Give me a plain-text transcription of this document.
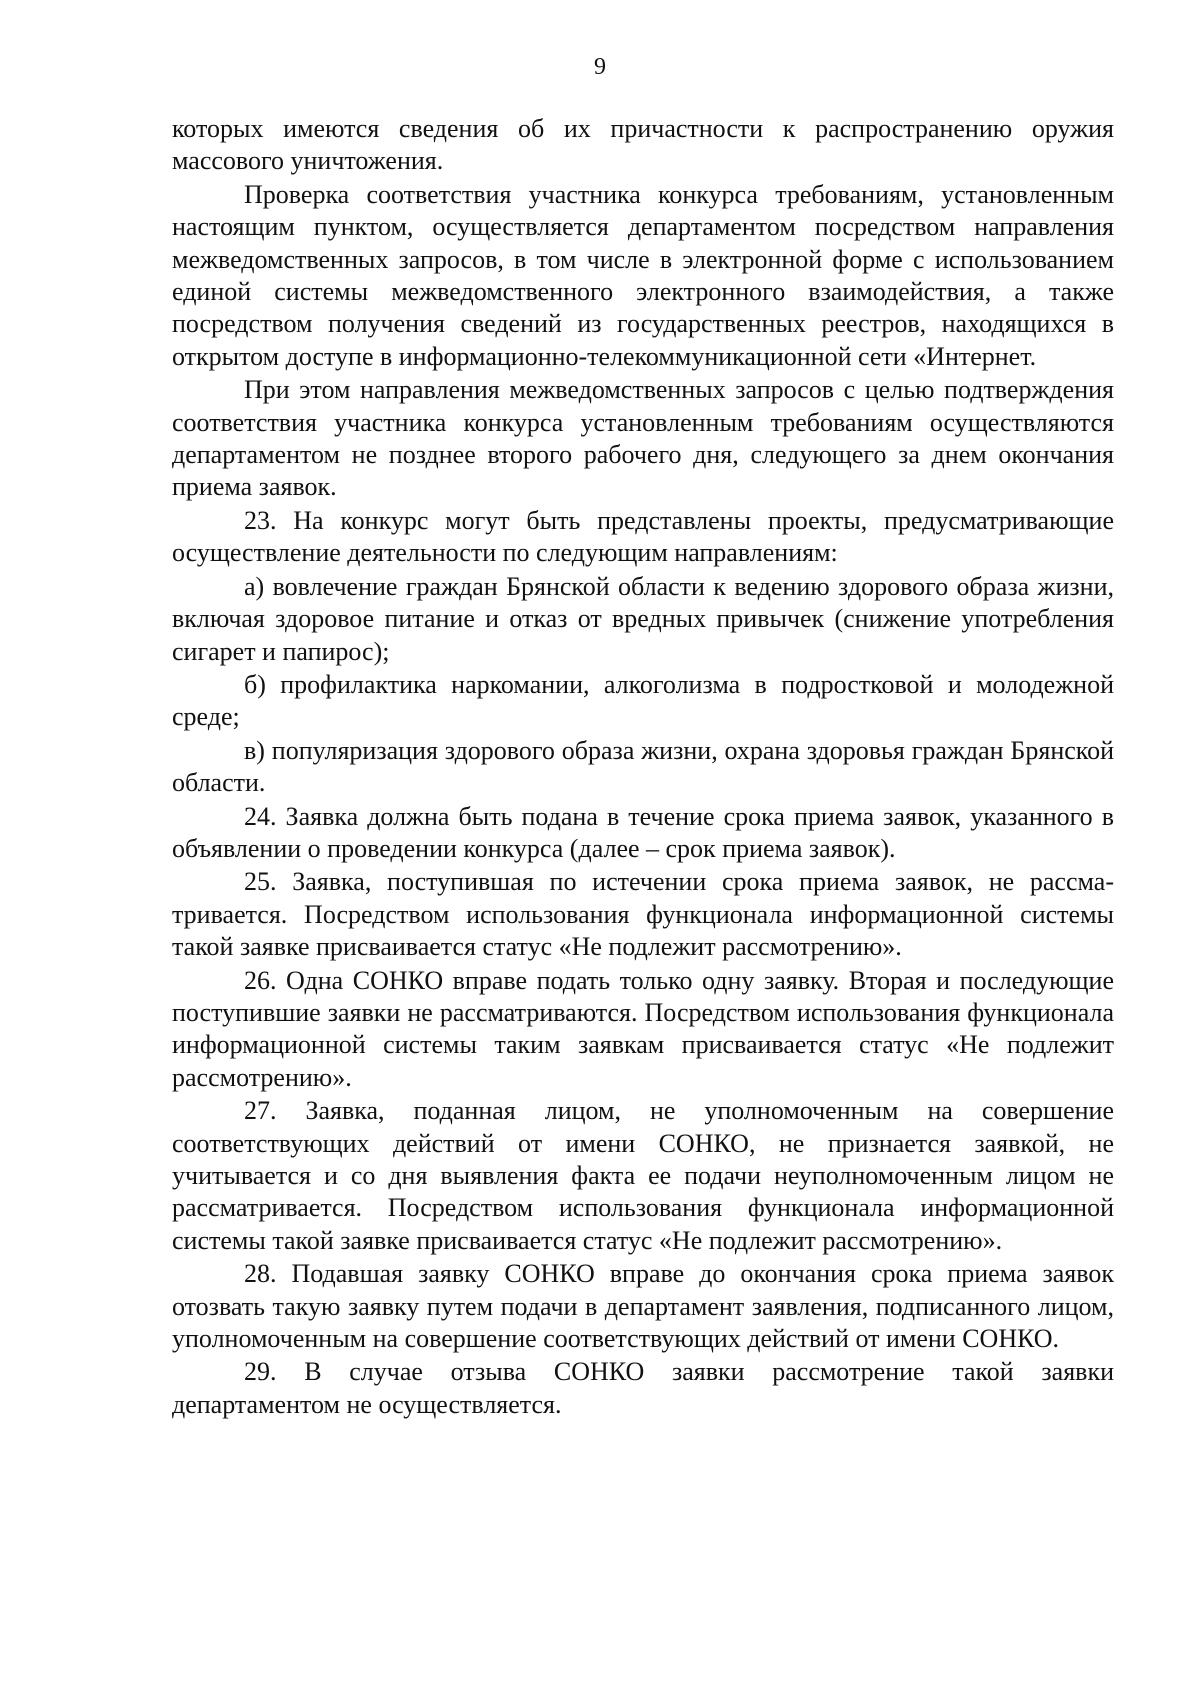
9

которых имеются сведения об их причастности к распространению оружия массового уничтожения.

Проверка соответствия участника конкурса требованиям, установленным настоящим пунктом, осуществляется департаментом посредством направления межведомственных запросов, в том числе в электронной форме с использованием единой системы межведомственного электронного взаимодействия, а также посредством получения сведений из государственных реестров, находящихся в открытом доступе в информационно-телекоммуникационной сети «Интернет.

При этом направления межведомственных запросов с целью подтверждения соответствия участника конкурса установленным требованиям осуществляются департаментом не позднее второго рабочего дня, следующего за днем окончания приема заявок.

23. На конкурс могут быть представлены проекты, предусматривающие осуществление деятельности по следующим направлениям:

а) вовлечение граждан Брянской области к ведению здорового образа жизни, включая здоровое питание и отказ от вредных привычек (снижение употребления сигарет и папирос);

б) профилактика наркомании, алкоголизма в подростковой и молодежной среде;

в) популяризация здорового образа жизни, охрана здоровья граждан Брянской области.

24. Заявка должна быть подана в течение срока приема заявок, указанного в объявлении о проведении конкурса (далее – срок приема заявок).

25. Заявка, поступившая по истечении срока приема заявок, не рассматривается. Посредством использования функционала информационной системы такой заявке присваивается статус «Не подлежит рассмотрению».

26. Одна СОНКО вправе подать только одну заявку. Вторая и последующие поступившие заявки не рассматриваются. Посредством использования функционала информационной системы таким заявкам присваивается статус «Не подлежит рассмотрению».

27. Заявка, поданная лицом, не уполномоченным на совершение соответствующих действий от имени СОНКО, не признается заявкой, не учитывается и со дня выявления факта ее подачи неуполномоченным лицом не рассматривается. Посредством использования функционала информационной системы такой заявке присваивается статус «Не подлежит рассмотрению».

28. Подавшая заявку СОНКО вправе до окончания срока приема заявок отозвать такую заявку путем подачи в департамент заявления, подписанного лицом, уполномоченным на совершение соответствующих действий от имени СОНКО.

29. В случае отзыва СОНКО заявки рассмотрение такой заявки департаментом не осуществляется.
